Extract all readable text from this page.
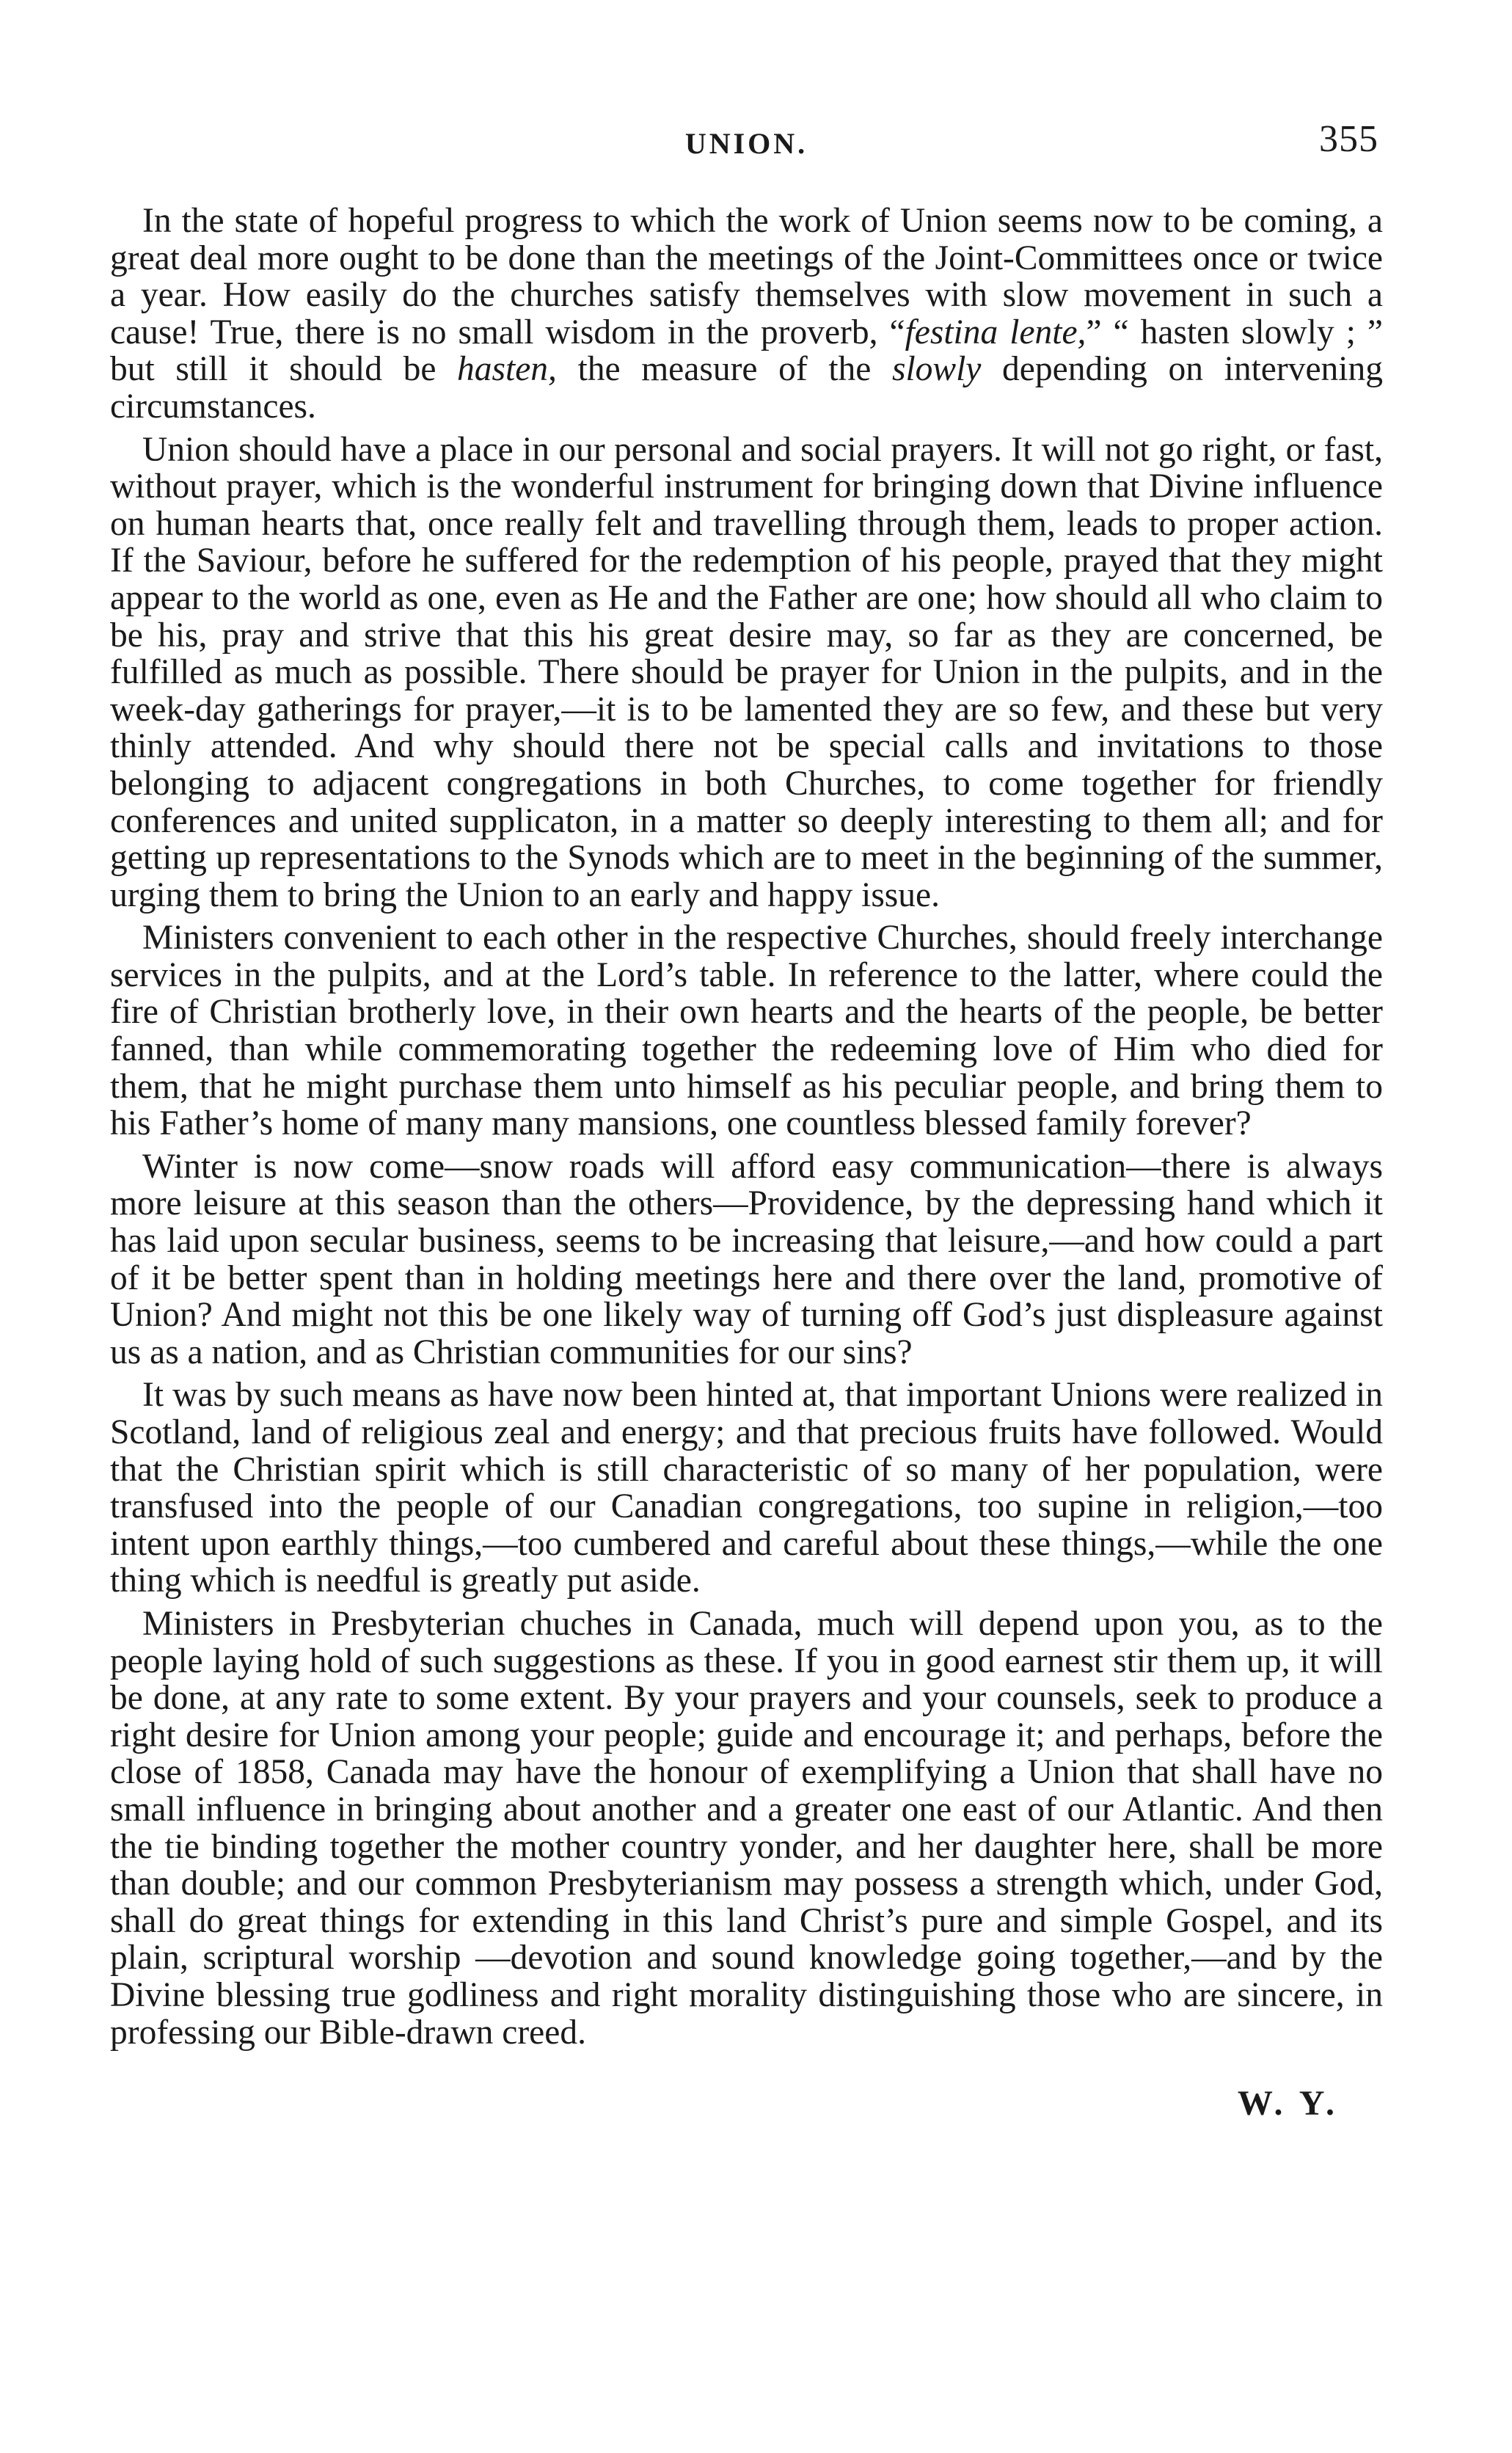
UNION.	355

In the state of hopeful progress to which the work of Union seems now to be coming, a great deal more ought to be done than the meetings of the Joint-Committees once or twice a year. How easily do the churches satisfy themselves with slow movement in such a cause! True, there is no small wisdom in the proverb, “festina lente,” “ hasten slowly ; ” but still it should be hasten, the measure of the slowly depending on intervening circumstances.

Union should have a place in our personal and social prayers. It will not go right, or fast, without prayer, which is the wonderful instrument for bringing down that Divine influence on human hearts that, once really felt and travelling through them, leads to proper action. If the Saviour, before he suffered for the redemption of his people, prayed that they might appear to the world as one, even as He and the Father are one; how should all who claim to be his, pray and strive that this his great desire may, so far as they are concerned, be fulfilled as much as possible. There should be prayer for Union in the pulpits, and in the week-day gatherings for prayer,—it is to be lamented they are so few, and these but very thinly attended. And why should there not be special calls and invitations to those belonging to adjacent congregations in both Churches, to come together for friendly conferences and united supplicaton, in a matter so deeply interesting to them all; and for getting up representations to the Synods which are to meet in the beginning of the summer, urging them to bring the Union to an early and happy issue.

Ministers convenient to each other in the respective Churches, should freely interchange services in the pulpits, and at the Lord’s table. In reference to the latter, where could the fire of Christian brotherly love, in their own hearts and the hearts of the people, be better fanned, than while commemorating together the redeeming love of Him who died for them, that he might purchase them unto himself as his peculiar people, and bring them to his Father’s home of many many mansions, one countless blessed family forever?

Winter is now come—snow roads will afford easy communication—there is always more leisure at this season than the others—Providence, by the depressing hand which it has laid upon secular business, seems to be increasing that leisure,—and how could a part of it be better spent than in holding meetings here and there over the land, promotive of Union? And might not this be one likely way of turning off God’s just displeasure against us as a nation, and as Christian communities for our sins?

It was by such means as have now been hinted at, that important Unions were realized in Scotland, land of religious zeal and energy; and that precious fruits have followed. Would that the Christian spirit which is still characteristic of so many of her population, were transfused into the people of our Canadian congregations, too supine in religion,—too intent upon earthly things,—too cumbered and careful about these things,—while the one thing which is needful is greatly put aside.

Ministers in Presbyterian chuches in Canada, much will depend upon you, as to the people laying hold of such suggestions as these. If you in good earnest stir them up, it will be done, at any rate to some extent. By your prayers and your counsels, seek to produce a right desire for Union among your people; guide and encourage it; and perhaps, before the close of 1858, Canada may have the honour of exemplifying a Union that shall have no small influence in bringing about another and a greater one east of our Atlantic. And then the tie binding together the mother country yonder, and her daughter here, shall be more than double; and our common Presbyterianism may possess a strength which, under God, shall do great things for extending in this land Christ’s pure and simple Gospel, and its plain, scriptural worship —devotion and sound knowledge going together,—and by the Divine blessing true godliness and right morality distinguishing those who are sincere, in professing our Bible-drawn creed.

W. Y.
